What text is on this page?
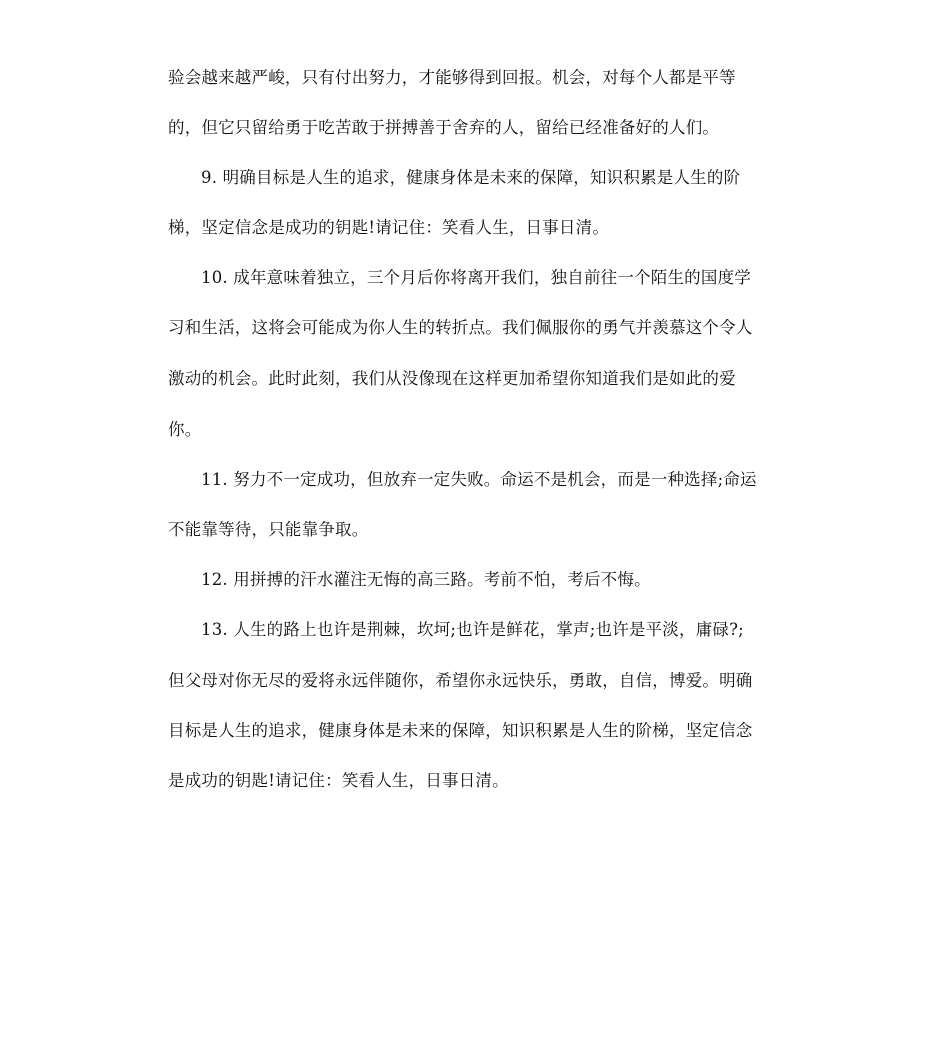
验会越来越严峻，只有付出努力，才能够得到回报。机会，对每个人都是平等
的，但它只留给勇于吃苦敢于拼搏善于舍弃的人，留给已经准备好的人们。
9. 明确目标是人生的追求，健康身体是未来的保障，知识积累是人生的阶
梯，坚定信念是成功的钥匙!请记住：笑看人生，日事日清。
10. 成年意味着独立，三个月后你将离开我们，独自前往一个陌生的国度学
习和生活，这将会可能成为你人生的转折点。我们佩服你的勇气并羡慕这个令人
激动的机会。此时此刻，我们从没像现在这样更加希望你知道我们是如此的爱
你。
11. 努力不一定成功，但放弃一定失败。命运不是机会，而是一种选择;命运
不能靠等待，只能靠争取。
12. 用拼搏的汗水灌注无悔的高三路。考前不怕，考后不悔。
13. 人生的路上也许是荆棘，坎坷;也许是鲜花，掌声;也许是平淡，庸碌?;
但父母对你无尽的爱将永远伴随你，希望你永远快乐，勇敢，自信，博爱。明确
目标是人生的追求，健康身体是未来的保障，知识积累是人生的阶梯，坚定信念
是成功的钥匙!请记住：笑看人生，日事日清。
